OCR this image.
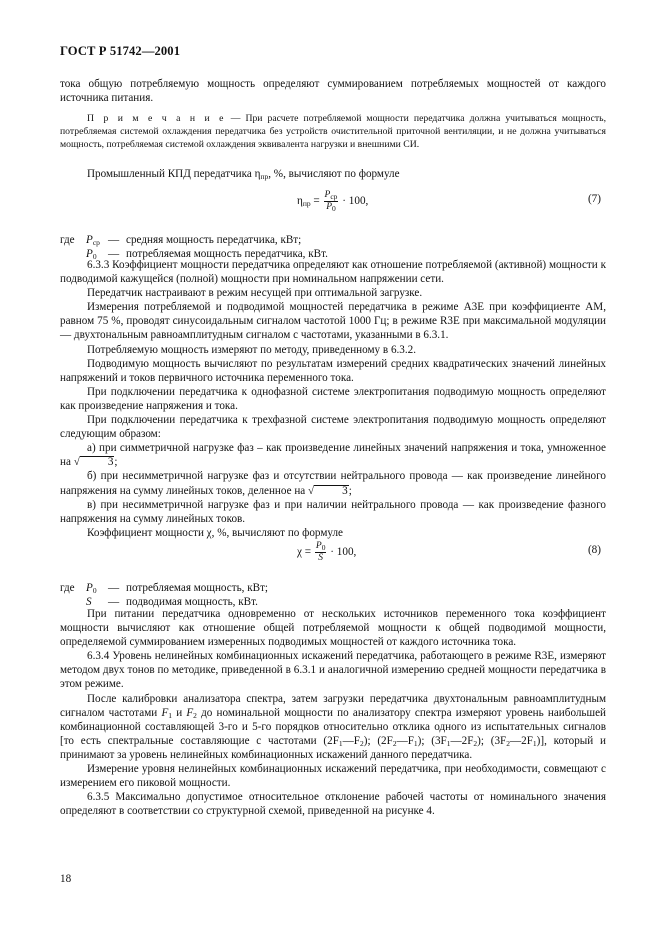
ГОСТ Р 51742—2001
тока общую потребляемую мощность определяют суммированием потребляемых мощностей от каждого источника питания.
П р и м е ч а н и е — При расчете потребляемой мощности передатчика должна учитываться мощность, потребляемая системой охлаждения передатчика без устройств очистительной приточной вентиляции, и не должна учитываться мощность, потребляемая системой охлаждения эквивалента нагрузки и внешними СИ.
Промышленный КПД передатчика $\eta_{пр}$, %, вычисляют по формуле
$\eta_{пр} = \frac{P_{ср}}{P_0} \cdot 100$,	(7)
где $P_{ср}$ — средняя мощность передатчика, кВт;
$P_0$ — потребляемая мощность передатчика, кВт.
6.3.3 Коэффициент мощности передатчика определяют как отношение потребляемой (активной) мощности к подводимой кажущейся (полной) мощности при номинальном напряжении сети.
Передатчик настраивают в режим несущей при оптимальной загрузке.
Измерения потребляемой и подводимой мощностей передатчика в режиме А3Е при коэффициенте АМ, равном 75 %, проводят синусоидальным сигналом частотой 1000 Гц; в режиме R3E при максимальной модуляции — двухтональным равноамплитудным сигналом с частотами, указанными в 6.3.1.
Потребляемую мощность измеряют по методу, приведенному в 6.3.2.
Подводимую мощность вычисляют по результатам измерений средних квадратических значений линейных напряжений и токов первичного источника переменного тока.
При подключении передатчика к однофазной системе электропитания подводимую мощность определяют как произведение напряжения и тока.
При подключении передатчика к трехфазной системе электропитания подводимую мощность определяют следующим образом:
а) при симметричной нагрузке фаз – как произведение линейных значений напряжения и тока, умноженное на √	3;
б) при несимметричной нагрузке фаз и отсутствии нейтрального провода — как произведение линейного напряжения на сумму линейных токов, деленное на √	3;
в) при несимметричной нагрузке фаз и при наличии нейтрального провода — как произведение фазного напряжения на сумму линейных токов.
Коэффициент мощности χ, %, вычисляют по формуле
$\chi = \frac{P_0}{S} \cdot 100$,	(8)
где $P_0$ — потребляемая мощность, кВт;
S — подводимая мощность, кВт.
При питании передатчика одновременно от нескольких источников переменного тока коэффициент мощности вычисляют как отношение общей потребляемой мощности к общей подводимой мощности, определяемой суммированием измеренных подводимых мощностей от каждого источника тока.
6.3.4 Уровень нелинейных комбинационных искажений передатчика, работающего в режиме R3E, измеряют методом двух тонов по методике, приведенной в 6.3.1 и аналогичной измерению средней мощности передатчика в этом режиме.
После калибровки анализатора спектра, затем загрузки передатчика двухтональным равноамплитудным сигналом частотами $F_1$ и $F_2$ до номинальной мощности по анализатору спектра измеряют уровень наибольшей комбинационной составляющей 3-го и 5-го порядков относительно отклика одного из испытательных сигналов [то есть спектральные составляющие с частотами $(2F_1—F_2)$; $(2F_2—F_1)$; $(3F_1—2F_2)$; $(3F_2—2F_1)$], который и принимают за уровень нелинейных комбинационных искажений данного передатчика.
Измерение уровня нелинейных комбинационных искажений передатчика, при необходимости, совмещают с измерением его пиковой мощности.
6.3.5 Максимально допустимое относительное отклонение рабочей частоты от номинального значения определяют в соответствии со структурной схемой, приведенной на рисунке 4.
18
